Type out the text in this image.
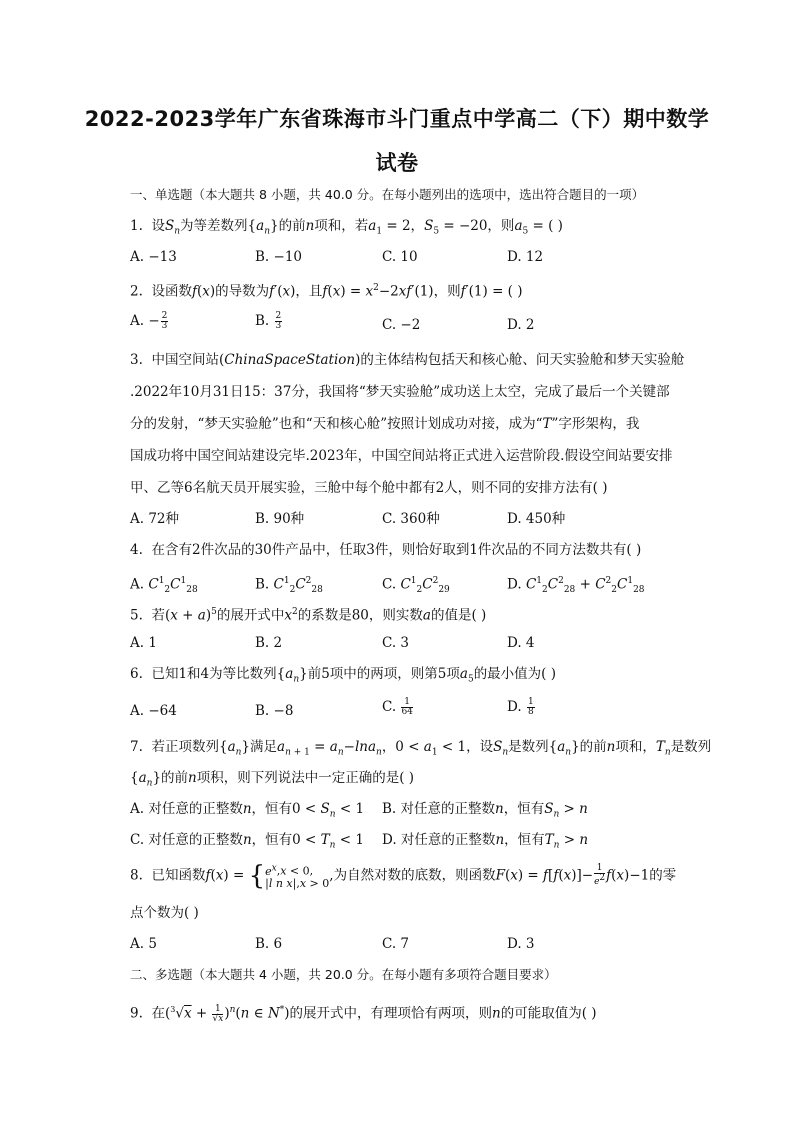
2022-2023学年广东省珠海市斗门重点中学高二（下）期中数学
试卷
一、单选题（本大题共 8 小题，共 40.0 分。在每小题列出的选项中，选出符合题目的一项）
1.  设$S_n$为等差数列$\{a_n\}$的前n项和，若$a_1 = 2$，$S_5 = -20$，则$a_5$ = ( )
A. −13	B. −10	C. 10	D. 12
2.  设函数f(x)的导数为f′(x)，且$f(x) = x^2-2xf'(1)$，则f′(1) = ( )
A. − $\frac{2}{3}$	B. $\frac{2}{3}$	C. −2	D. 2
3.  中国空间站(ChinaSpaceStation)的主体结构包括天和核心舱、问天实验舱和梦天实验舱
.2022年10月31日15：37分，我国将“梦天实验舱”成功送上太空，完成了最后一个关键部
分的发射，“梦天实验舱”也和“天和核心舱”按照计划成功对接，成为“T”字形架构，我
国成功将中国空间站建设完毕.2023年，中国空间站将正式进入运营阶段.假设空间站要安排
甲、乙等6名航天员开展实验，三舱中每个舱中都有2人，则不同的安排方法有( )
A. 72种	B. 90种	C. 360种	D. 450种
4. 在含有2件次品的30件产品中，任取3件，则恰好取到1件次品的不同方法数共有( )
A. $C^1_2C^1_{28}$	B. $C^1_2C^2_{28}$	C. $C^1_2C^2_{29}$	D. $C^1_2C^2_{28} + C^2_2C^1_{28}$
5.  若$(x + a)^5$的展开式中$x^2$的系数是80，则实数a的值是( )
A. 1	B. 2	C. 3	D. 4
6.  已知1和4为等比数列$\{a_n\}$前5项中的两项，则第5项$a_5$的最小值为( )
A. −64	B. −8	C. $\frac{1}{64}$	D. $\frac{1}{8}$
7.  若正项数列$\{a_n\}$满足$a_{n + 1} = a_n-\ln a_n$，$0 < a_1 < 1$，设$S_n$是数列$\{a_n\}$的前n项和，$T_n$是数列
$\{a_n\}$的前n项积，则下列说法中一定正确的是( )
A. 对任意的正整数n，恒有$0 < S_n < 1$ B. 对任意的正整数n，恒有$S_n > n$
C. 对任意的正整数n，恒有$0 < T_n < 1$ D. 对任意的正整数n，恒有$T_n > n$
8.  已知函数f(x) = { $e^x,x < 0$,
|l n x|,x > 0 ,为自然对数的底数，则函数$F(x) = f[f(x)]- \frac{1}{e^2} f(x)-1$的零
点个数为( )
A. 5	B. 6	C. 7	D. 3
二、多选题（本大题共 4 小题，共 20.0 分。在每小题有多项符合题目要求）
9.  在$(^3√x + \frac{1}{√x} )^n(n$ ∈ N*)的展开式中，有理项恰有两项，则n的可能取值为( )
